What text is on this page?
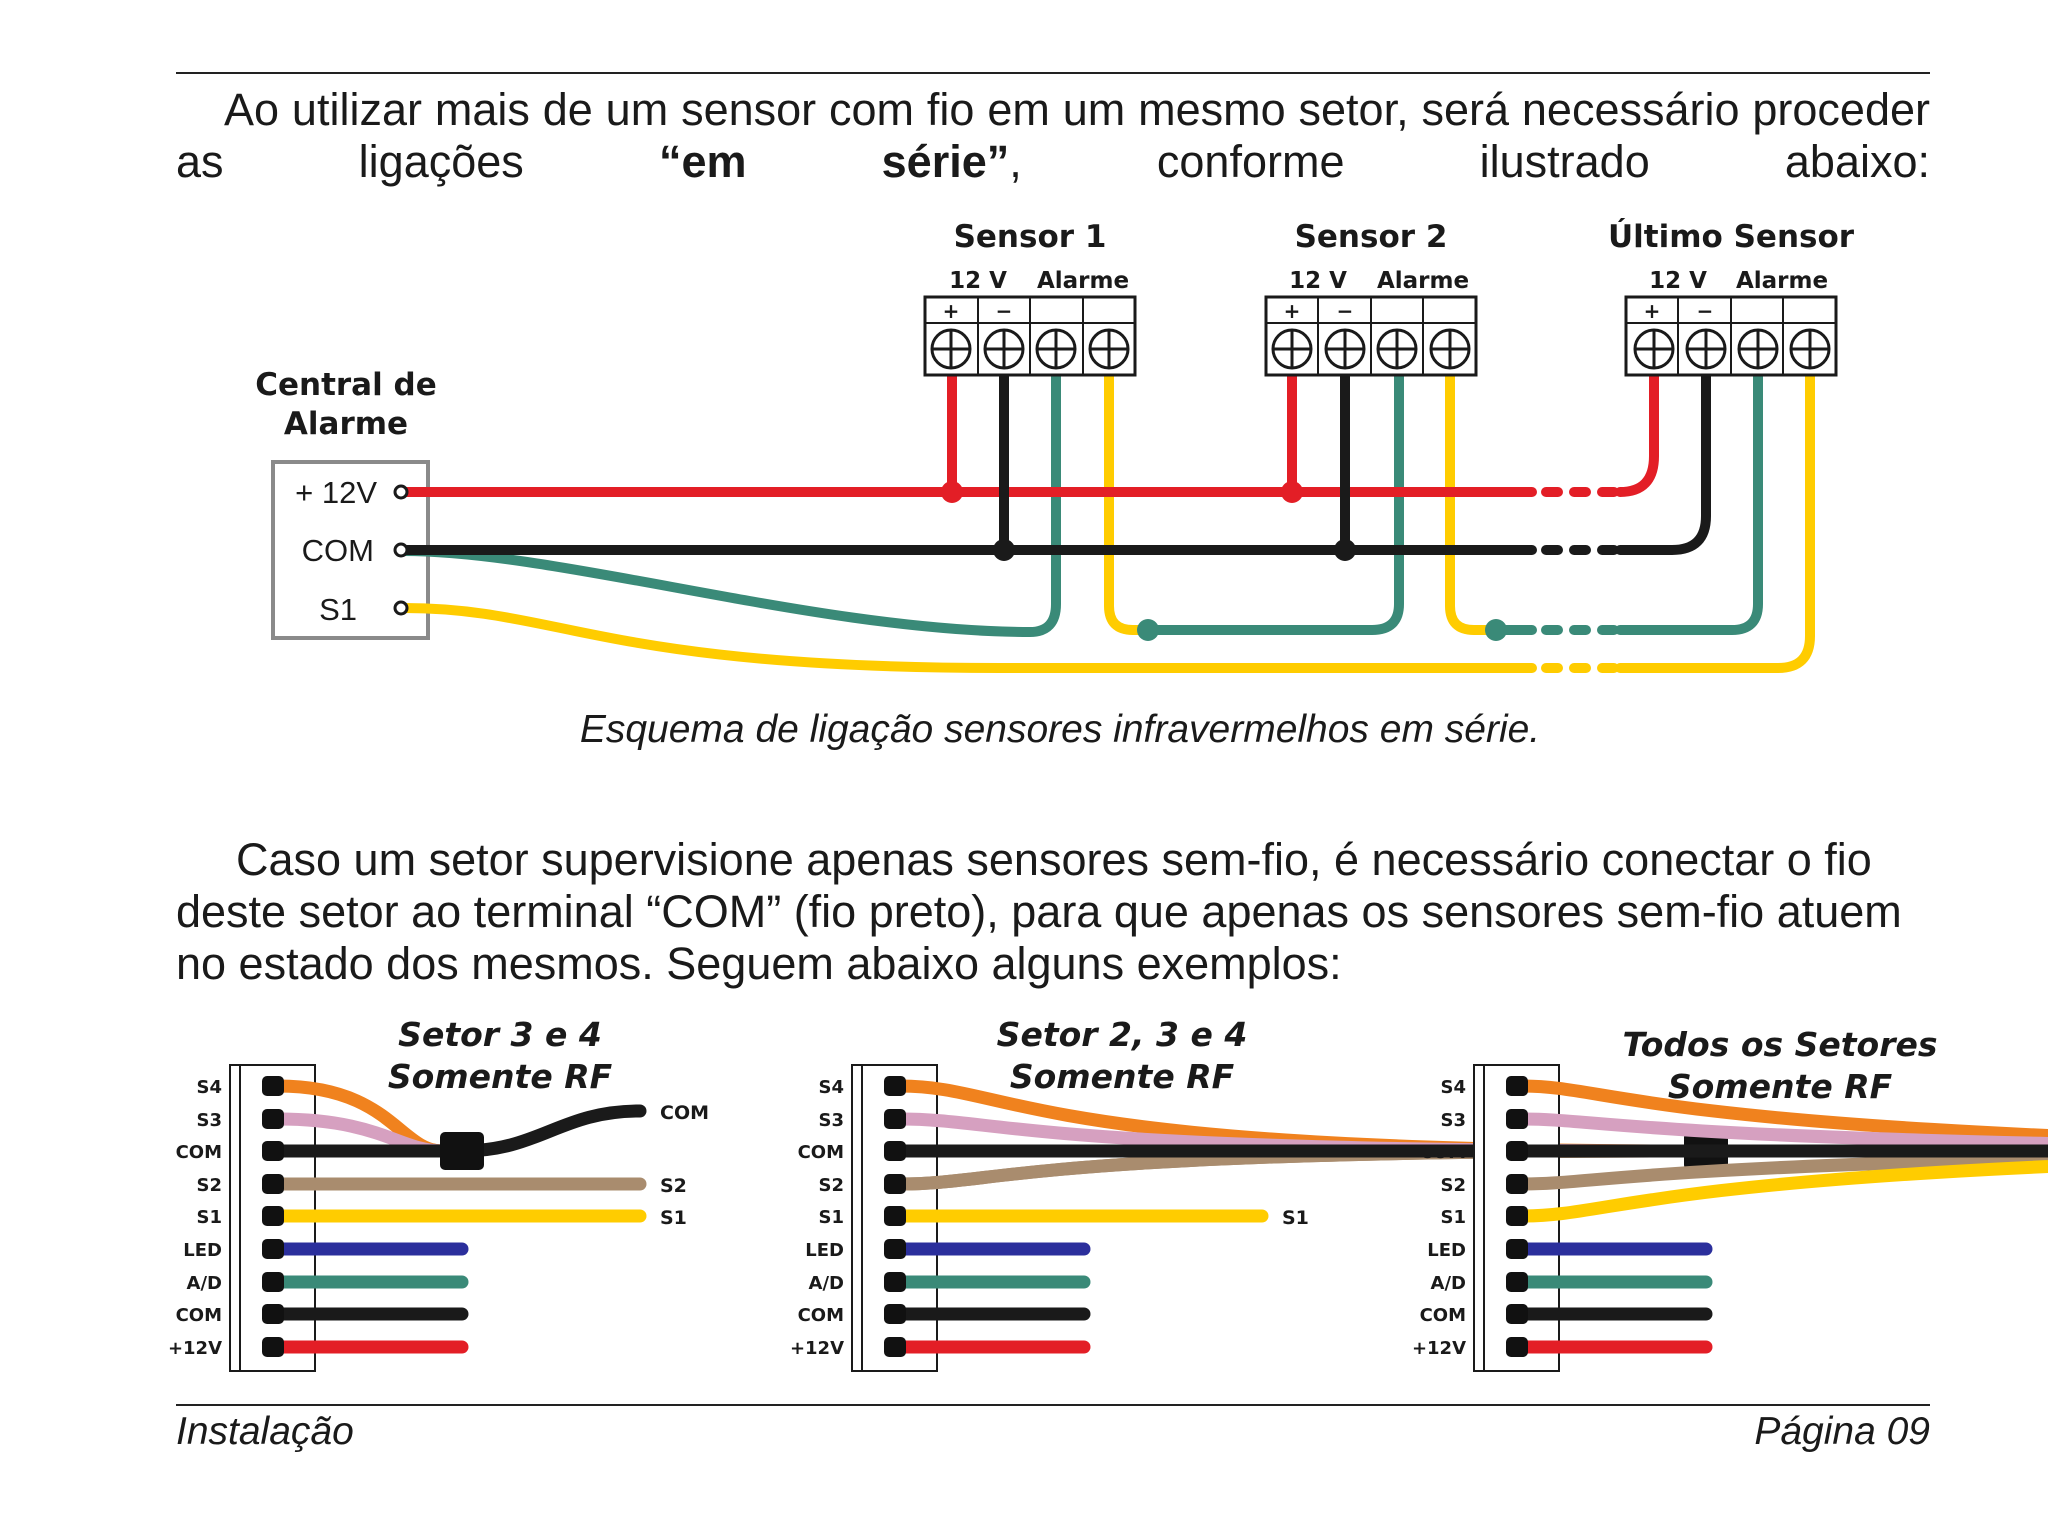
Ao utilizar mais de um sensor com fio em um mesmo setor, será necessário proceder
as ligações “em série”, conforme ilustrado abaixo:
Central de
Alarme
+ 12V
COM
S1
Sensor 1
12 V Alarme
+ −
Sensor 2
12 V Alarme
+ −
Último Sensor
12 V Alarme
+ −
Setor 3 e 4
Somente RF
Setor 2, 3 e 4
Somente RF
Todos os Setores
Somente RF
COM
S2
S1
COM
S1
S4
S3
COM
S2
S1
LED
A/D
COM
+12V
S4
S3
COM
S2
S1
LED
A/D
COM
+12V
S4
S3
COM
S2
S1
LED
A/D
COM
+12V
Esquema de ligação sensores infravermelhos em série.
Caso um setor supervisione apenas sensores sem-fio, é necessário conectar o fio
deste setor ao terminal “COM” (fio preto), para que apenas os sensores sem-fio atuem
no estado dos mesmos. Seguem abaixo alguns exemplos:
Instalação	Página 09
